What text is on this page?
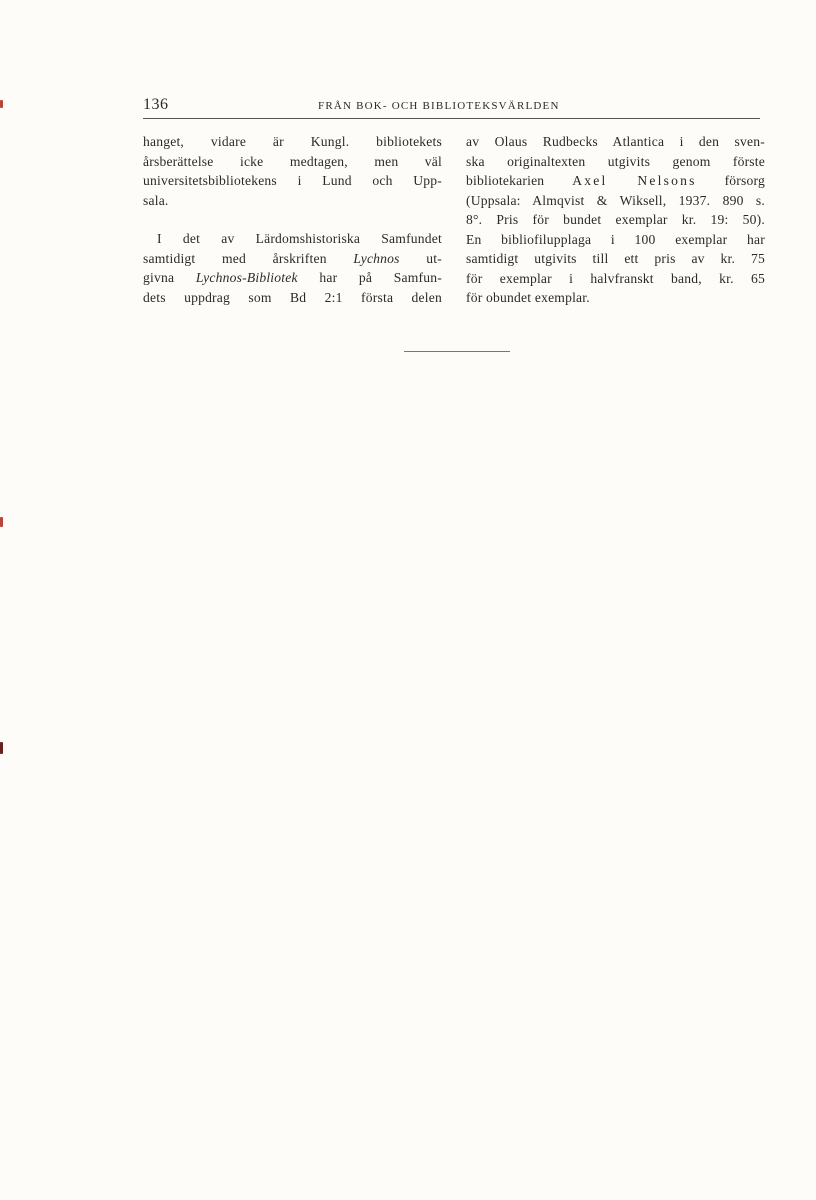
136	FRÅN BOK- OCH BIBLIOTEKSVÄRLDEN
hanget, vidare är Kungl. bibliotekets
årsberättelse icke medtagen, men väl
universitetsbibliotekens i Lund och Upp-
sala.
I det av Lärdomshistoriska Samfundet
samtidigt med årskriften Lychnos ut-
givna Lychnos-Bibliotek har på Samfun-
dets uppdrag som Bd 2:1 första delen
av Olaus Rudbecks Atlantica i den sven-
ska originaltexten utgivits genom förste
bibliotekarien Axel Nelsons försorg
(Uppsala: Almqvist & Wiksell, 1937. 890 s.
8°. Pris för bundet exemplar kr. 19: 50).
En bibliofilupplaga i 100 exemplar har
samtidigt utgivits till ett pris av kr. 75
för exemplar i halvfranskt band, kr. 65
för obundet exemplar.
